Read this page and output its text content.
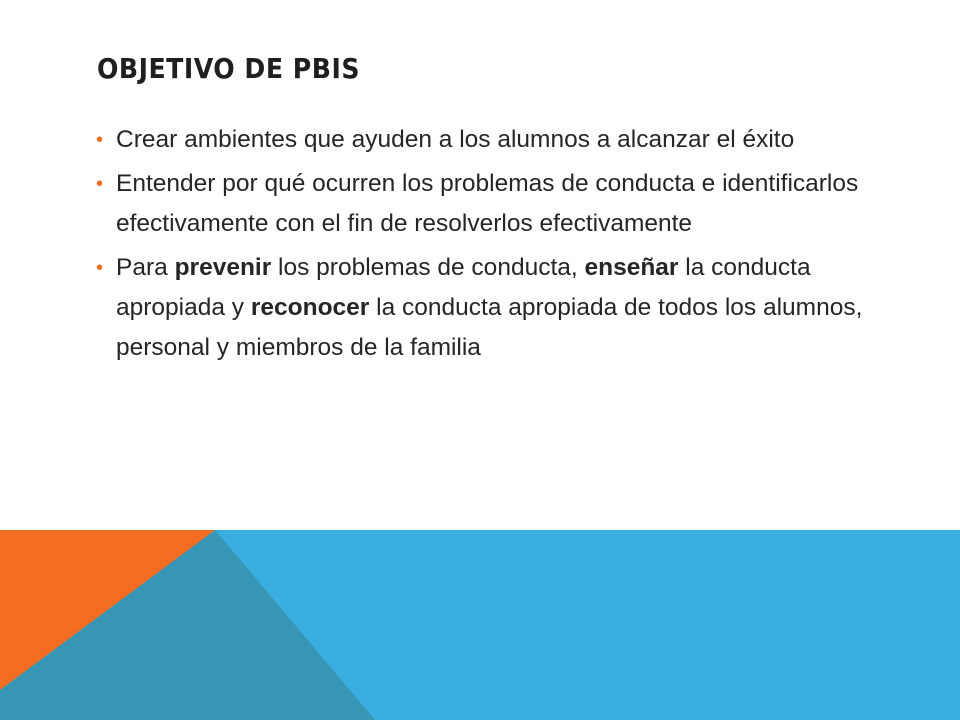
OBJETIVO DE PBIS
• Crear ambientes que ayuden a los alumnos a alcanzar el éxito
• Entender por qué ocurren los problemas de conducta e identificarlos efectivamente con el fin de resolverlos efectivamente
• Para prevenir los problemas de conducta, enseñar la conducta apropiada y reconocer la conducta apropiada de todos los alumnos, personal y miembros de la familia
